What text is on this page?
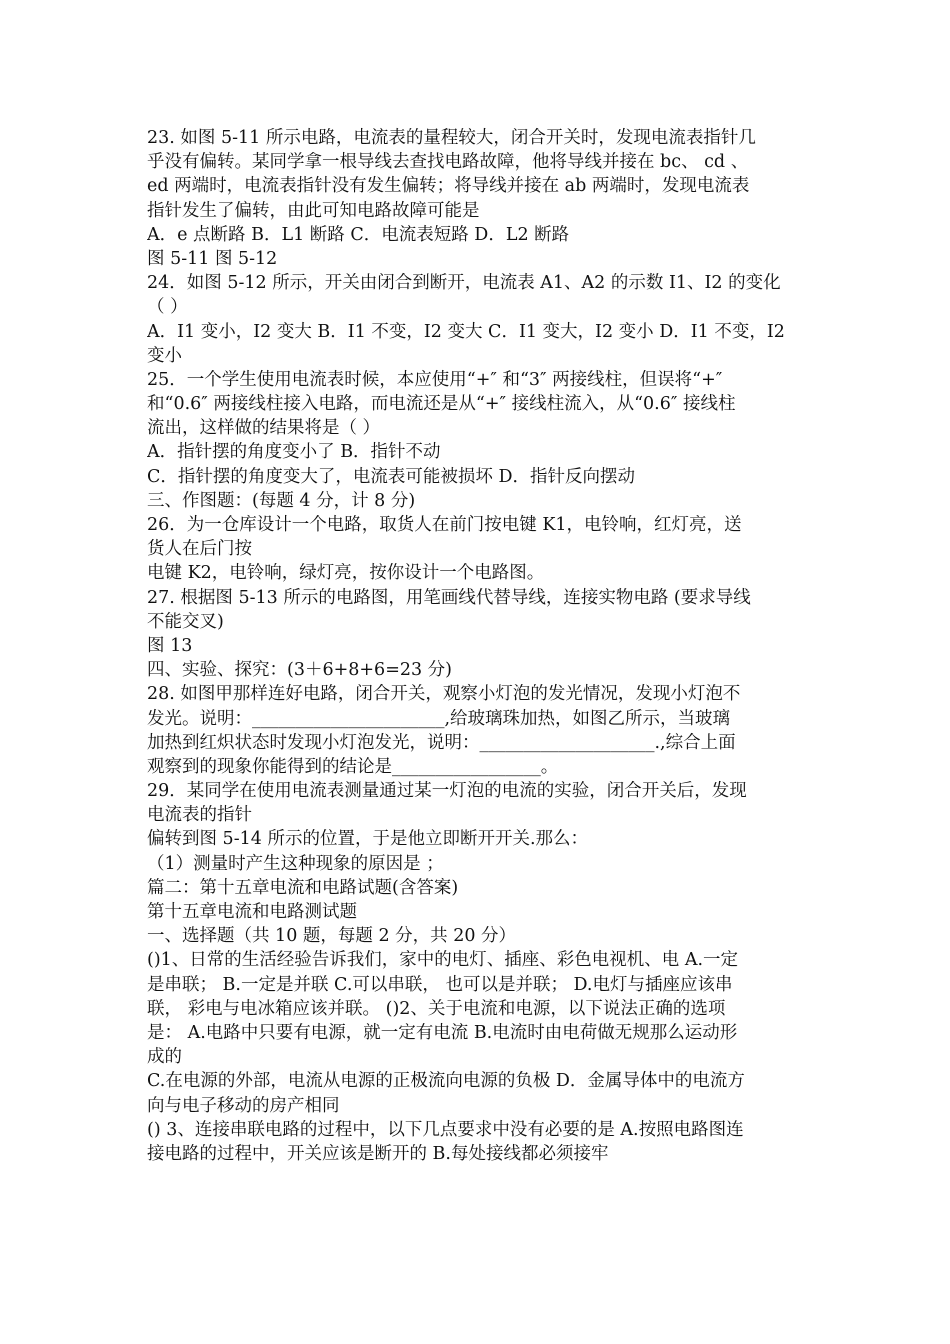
23. 如图 5-11 所示电路，电流表的量程较大，闭合开关时，发现电流表指针几
乎没有偏转。某同学拿一根导线去查找电路故障，他将导线并接在 bc、 cd 、
ed 两端时，电流表指针没有发生偏转；将导线并接在 ab 两端时，发现电流表
指针发生了偏转，由此可知电路故障可能是
A．e 点断路 B．L1 断路 C．电流表短路 D．L2 断路
图 5-11 图 5-12
24．如图 5-12 所示，开关由闭合到断开，电流表 A1、A2 的示数 I1、I2 的变化
（ ）
A．I1 变小，I2 变大 B．I1 不变，I2 变大 C．I1 变大，I2 变小 D．I1 不变，I2
变小
25．一个学生使用电流表时候，本应使用“+″ 和“3″ 两接线柱，但误将“+″
和“0.6″ 两接线柱接入电路，而电流还是从“+″ 接线柱流入，从“0.6″ 接线柱
流出，这样做的结果将是（ ）
A．指针摆的角度变小了 B．指针不动
C．指针摆的角度变大了，电流表可能被损坏 D．指针反向摆动
三、作图题：(每题 4 分，计 8 分)
26．为一仓库设计一个电路，取货人在前门按电键 K1，电铃响，红灯亮，送
货人在后门按
电键 K2，电铃响，绿灯亮，按你设计一个电路图。
27. 根据图 5-13 所示的电路图，用笔画线代替导线，连接实物电路 (要求导线
不能交叉)
图 13
四、实验、探究：(3＋6+8+6=23 分)
28. 如图甲那样连好电路，闭合开关，观察小灯泡的发光情况，发现小灯泡不
发光。说明：______________________,给玻璃珠加热，如图乙所示，当玻璃
加热到红炽状态时发现小灯泡发光，说明：____________________.,综合上面
观察到的现象你能得到的结论是_________________。
29．某同学在使用电流表测量通过某一灯泡的电流的实验，闭合开关后，发现
电流表的指针
偏转到图 5-14 所示的位置，于是他立即断开开关.那么：
（1）测量时产生这种现象的原因是 ；
篇二：第十五章电流和电路试题(含答案)
第十五章电流和电路测试题
一、选择题（共 10 题，每题 2 分，共 20 分）
()1、日常的生活经验告诉我们，家中的电灯、插座、彩色电视机、电 A.一定
是串联； B.一定是并联 C.可以串联， 也可以是并联； D.电灯与插座应该串
联， 彩电与电冰箱应该并联。 ()2、关于电流和电源，以下说法正确的选项
是： A.电路中只要有电源，就一定有电流 B.电流时由电荷做无规那么运动形
成的
C.在电源的外部，电流从电源的正极流向电源的负极 D．金属导体中的电流方
向与电子移动的房产相同
() 3、连接串联电路的过程中，以下几点要求中没有必要的是 A.按照电路图连
接电路的过程中，开关应该是断开的 B.每处接线都必须接牢
